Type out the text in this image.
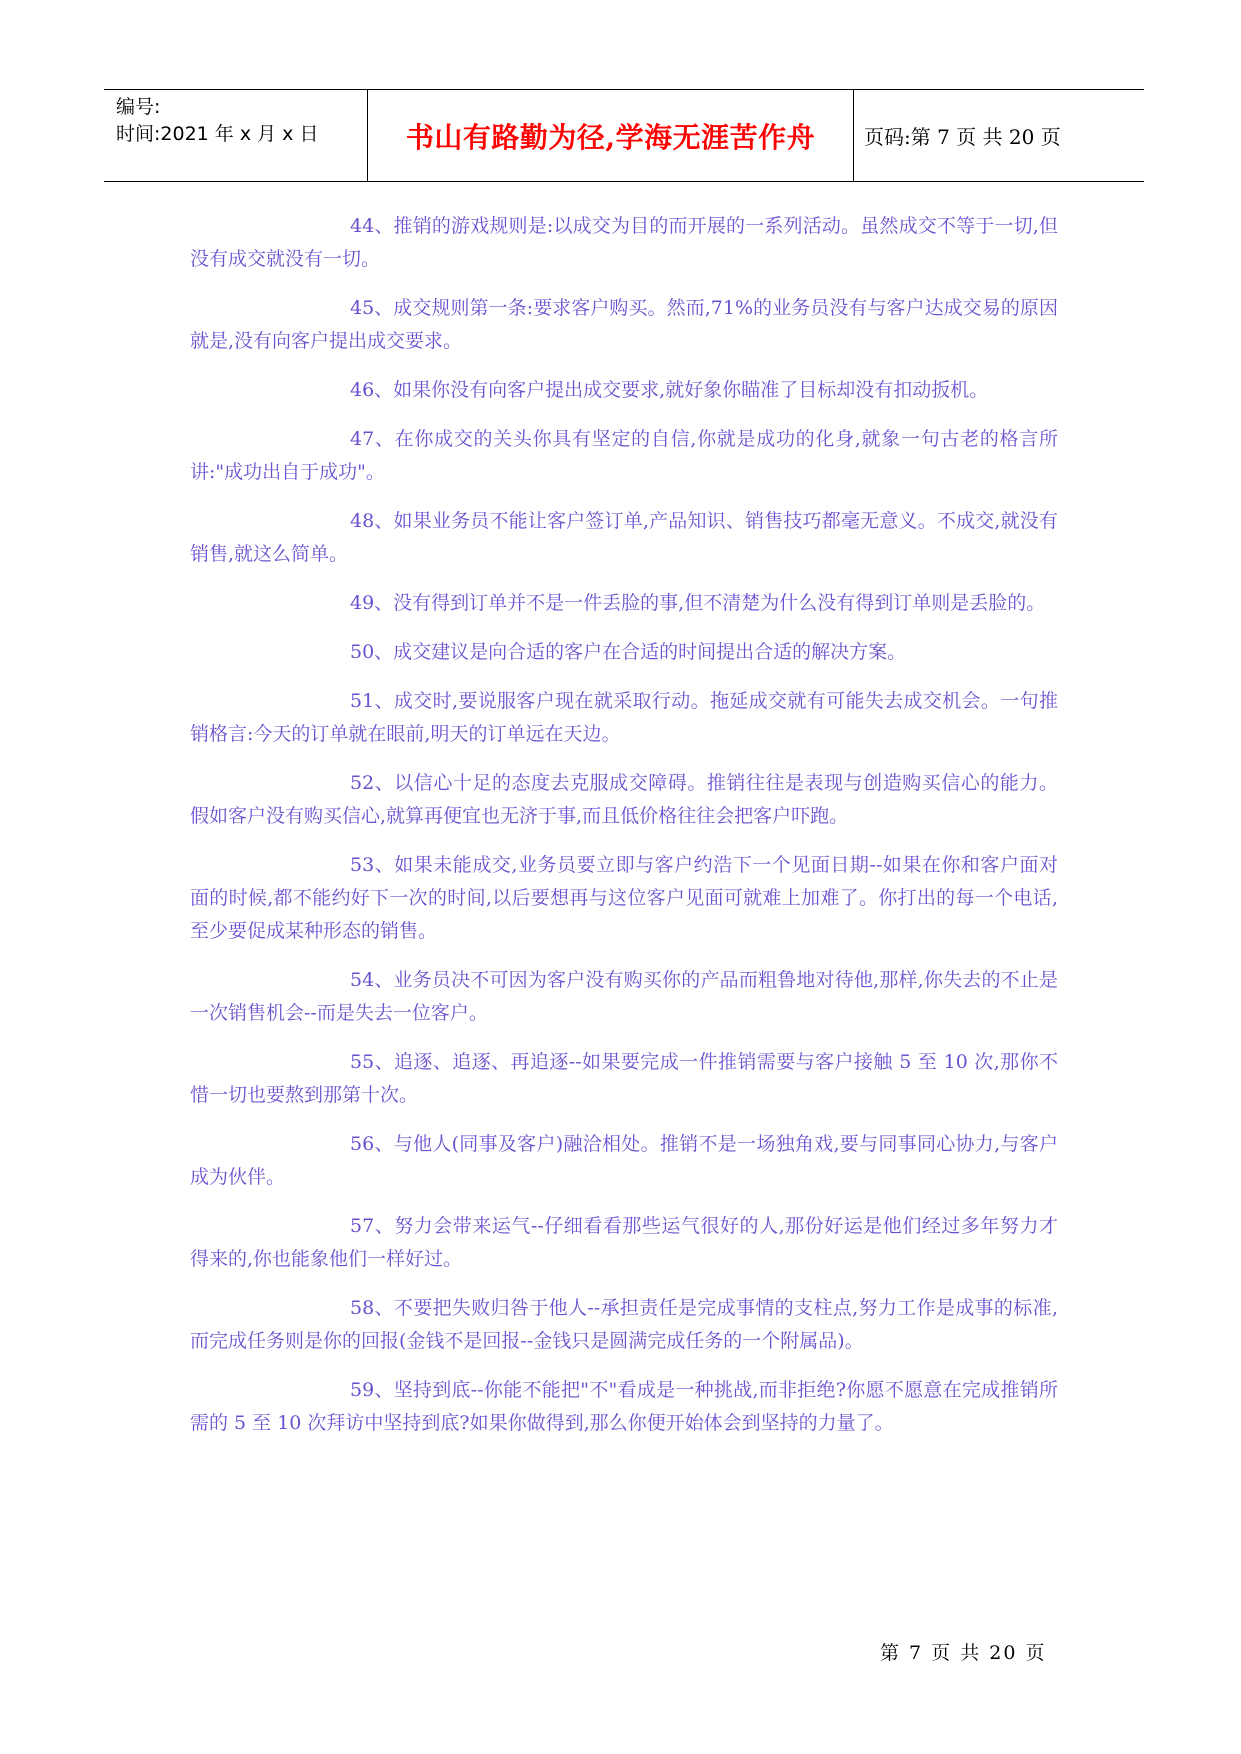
编号:
时间:2021 年 x 月 x 日	书山有路勤为径,学海无涯苦作舟 页码:第 7 页 共 20 页

44、推销的游戏规则是:以成交为目的而开展的一系列活动。虽然成交不等于一切,但没有成交就没有一切。

45、成交规则第一条:要求客户购买。然而,71%的业务员没有与客户达成交易的原因就是,没有向客户提出成交要求。

46、如果你没有向客户提出成交要求,就好象你瞄准了目标却没有扣动扳机。

47、在你成交的关头你具有坚定的自信,你就是成功的化身,就象一句古老的格言所讲:"成功出自于成功"。

48、如果业务员不能让客户签订单,产品知识、销售技巧都毫无意义。不成交,就没有销售,就这么简单。

49、没有得到订单并不是一件丢脸的事,但不清楚为什么没有得到订单则是丢脸的。

50、成交建议是向合适的客户在合适的时间提出合适的解决方案。

51、成交时,要说服客户现在就采取行动。拖延成交就有可能失去成交机会。一句推销格言:今天的订单就在眼前,明天的订单远在天边。

52、以信心十足的态度去克服成交障碍。推销往往是表现与创造购买信心的能力。假如客户没有购买信心,就算再便宜也无济于事,而且低价格往往会把客户吓跑。

53、如果未能成交,业务员要立即与客户约浩下一个见面日期--如果在你和客户面对面的时候,都不能约好下一次的时间,以后要想再与这位客户见面可就难上加难了。你打出的每一个电话,至少要促成某种形态的销售。

54、业务员决不可因为客户没有购买你的产品而粗鲁地对待他,那样,你失去的不止是一次销售机会--而是失去一位客户。

55、追逐、追逐、再追逐--如果要完成一件推销需要与客户接触 5 至 10 次,那你不惜一切也要熬到那第十次。

56、与他人(同事及客户)融洽相处。推销不是一场独角戏,要与同事同心协力,与客户成为伙伴。

57、努力会带来运气--仔细看看那些运气很好的人,那份好运是他们经过多年努力才得来的,你也能象他们一样好过。

58、不要把失败归咎于他人--承担责任是完成事情的支柱点,努力工作是成事的标准,而完成任务则是你的回报(金钱不是回报--金钱只是圆满完成任务的一个附属品)。

59、坚持到底--你能不能把"不"看成是一种挑战,而非拒绝?你愿不愿意在完成推销所需的 5 至 10 次拜访中坚持到底?如果你做得到,那么你便开始体会到坚持的力量了。

第 7 页 共 20 页
